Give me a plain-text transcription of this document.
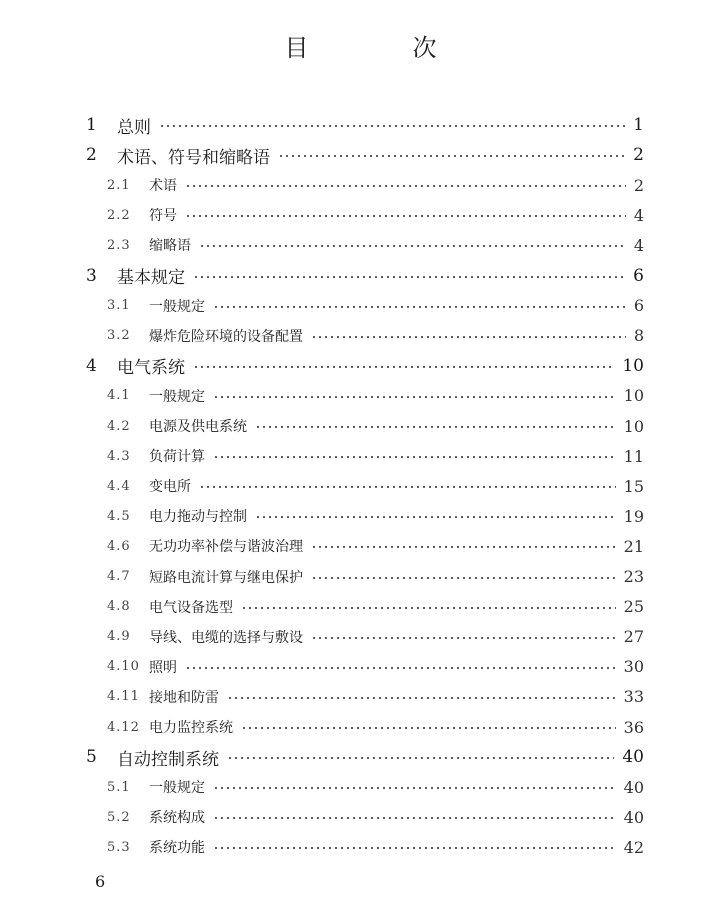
目　次
1 总则	1
2 术语、符号和缩略语	2
2.1 术语	2
2.2 符号	4
2.3 缩略语	4
3 基本规定	6
3.1 一般规定	6
3.2 爆炸危险环境的设备配置	8
4 电气系统	10
4.1 一般规定	10
4.2 电源及供电系统	10
4.3 负荷计算	11
4.4 变电所	15
4.5 电力拖动与控制	19
4.6 无功功率补偿与谐波治理	21
4.7 短路电流计算与继电保护	23
4.8 电气设备选型	25
4.9 导线、电缆的选择与敷设	27
4.10 照明	30
4.11 接地和防雷	33
4.12 电力监控系统	36
5 自动控制系统	40
5.1 一般规定	40
5.2 系统构成	40
5.3 系统功能	42
6
